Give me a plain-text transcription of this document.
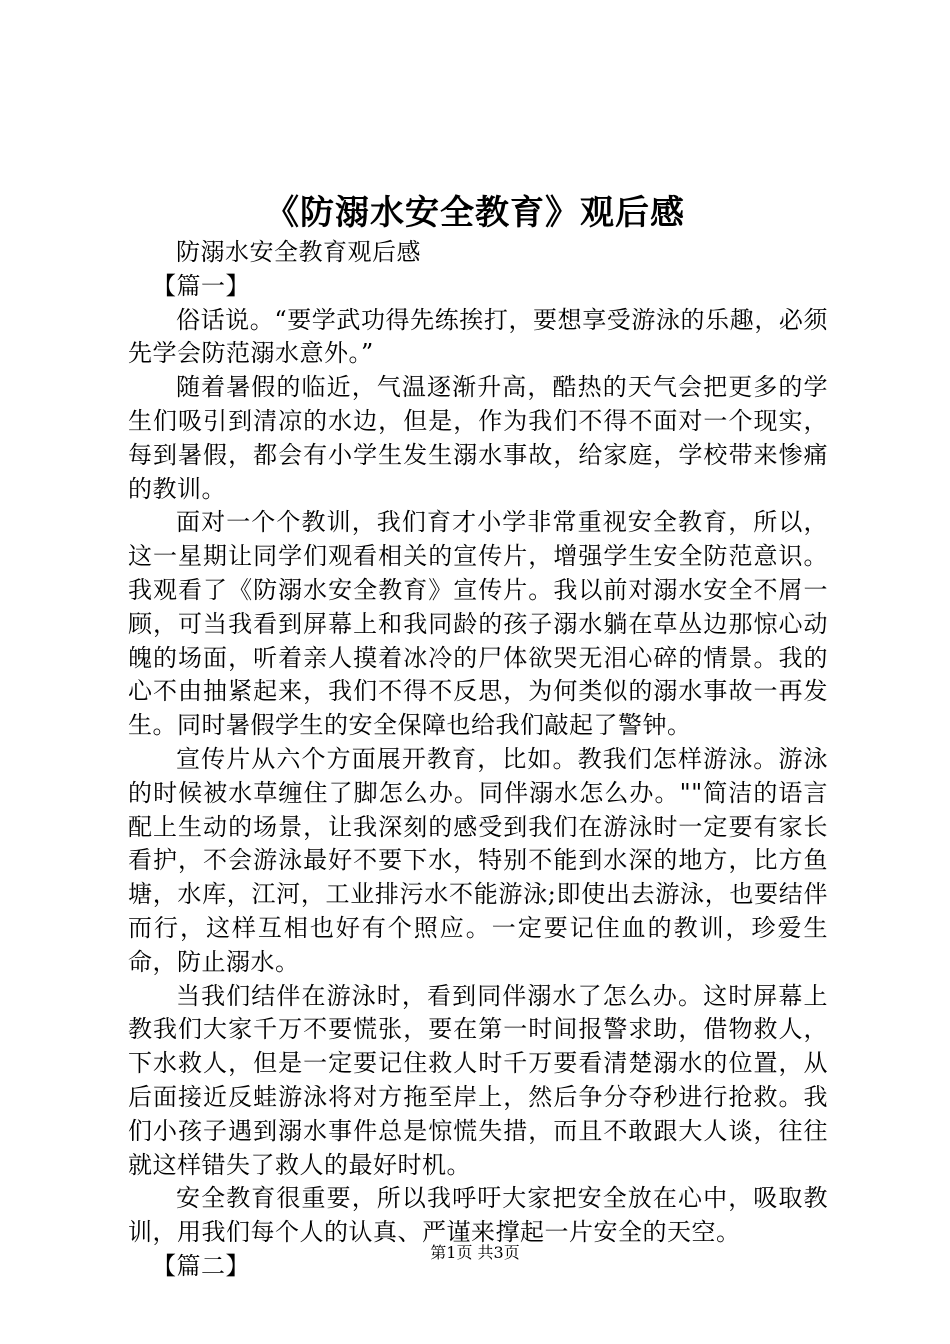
《防溺水安全教育》观后感

防溺水安全教育观后感

【篇一】

俗话说。“要学武功得先练挨打，要想享受游泳的乐趣，必须先学会防范溺水意外。”

随着暑假的临近，气温逐渐升高，酷热的天气会把更多的学生们吸引到清凉的水边，但是，作为我们不得不面对一个现实，每到暑假，都会有小学生发生溺水事故，给家庭，学校带来惨痛的教训。

面对一个个教训，我们育才小学非常重视安全教育，所以，这一星期让同学们观看相关的宣传片，增强学生安全防范意识。我观看了《防溺水安全教育》宣传片。我以前对溺水安全不屑一顾，可当我看到屏幕上和我同龄的孩子溺水躺在草丛边那惊心动魄的场面，听着亲人摸着冰冷的尸体欲哭无泪心碎的情景。我的心不由抽紧起来，我们不得不反思，为何类似的溺水事故一再发生。同时暑假学生的安全保障也给我们敲起了警钟。

宣传片从六个方面展开教育，比如。教我们怎样游泳。游泳的时候被水草缠住了脚怎么办。同伴溺水怎么办。""简洁的语言配上生动的场景，让我深刻的感受到我们在游泳时一定要有家长看护，不会游泳最好不要下水，特别不能到水深的地方，比方鱼塘，水库，江河，工业排污水不能游泳;即使出去游泳，也要结伴而行，这样互相也好有个照应。一定要记住血的教训，珍爱生命，防止溺水。

当我们结伴在游泳时，看到同伴溺水了怎么办。这时屏幕上教我们大家千万不要慌张，要在第一时间报警求助，借物救人，下水救人，但是一定要记住救人时千万要看清楚溺水的位置，从后面接近反蛙游泳将对方拖至岸上，然后争分夺秒进行抢救。我们小孩子遇到溺水事件总是惊慌失措，而且不敢跟大人谈，往往就这样错失了救人的最好时机。

安全教育很重要，所以我呼吁大家把安全放在心中，吸取教训，用我们每个人的认真、严谨来撑起一片安全的天空。

【篇二】	第1页 共3页
